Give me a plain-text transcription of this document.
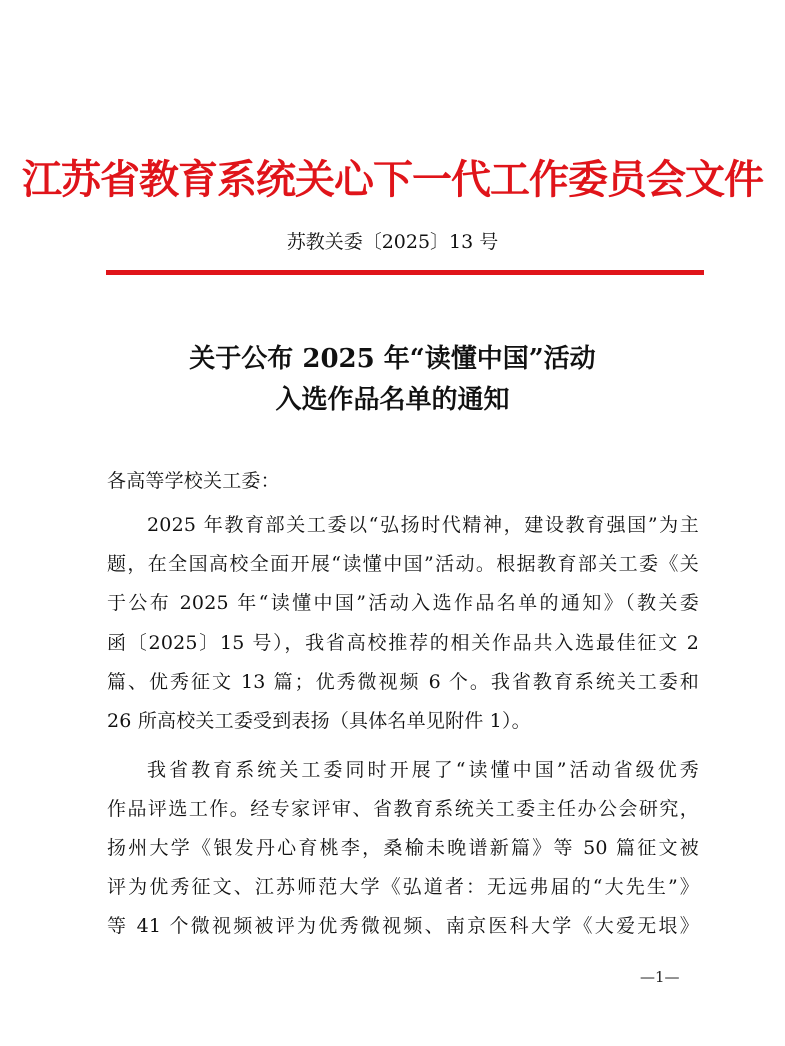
江苏省教育系统关心下一代工作委员会文件
苏教关委〔2025〕13 号
关于公布 2025 年“读懂中国”活动
入选作品名单的通知
各高等学校关工委：
2025 年教育部关工委以“弘扬时代精神，建设教育强国”为主
题，在全国高校全面开展“读懂中国”活动。根据教育部关工委《关
于公布 2025 年“读懂中国”活动入选作品名单的通知》（教关委
函〔2025〕15 号），我省高校推荐的相关作品共入选最佳征文 2
篇、优秀征文 13 篇；优秀微视频 6 个。我省教育系统关工委和
26 所高校关工委受到表扬（具体名单见附件 1）。
我省教育系统关工委同时开展了“读懂中国”活动省级优秀
作品评选工作。经专家评审、省教育系统关工委主任办公会研究，
扬州大学《银发丹心育桃李，桑榆未晚谱新篇》等 50 篇征文被
评为优秀征文、江苏师范大学《弘道者：无远弗届的“大先生”》
等 41 个微视频被评为优秀微视频、南京医科大学《大爱无垠》
—1—
